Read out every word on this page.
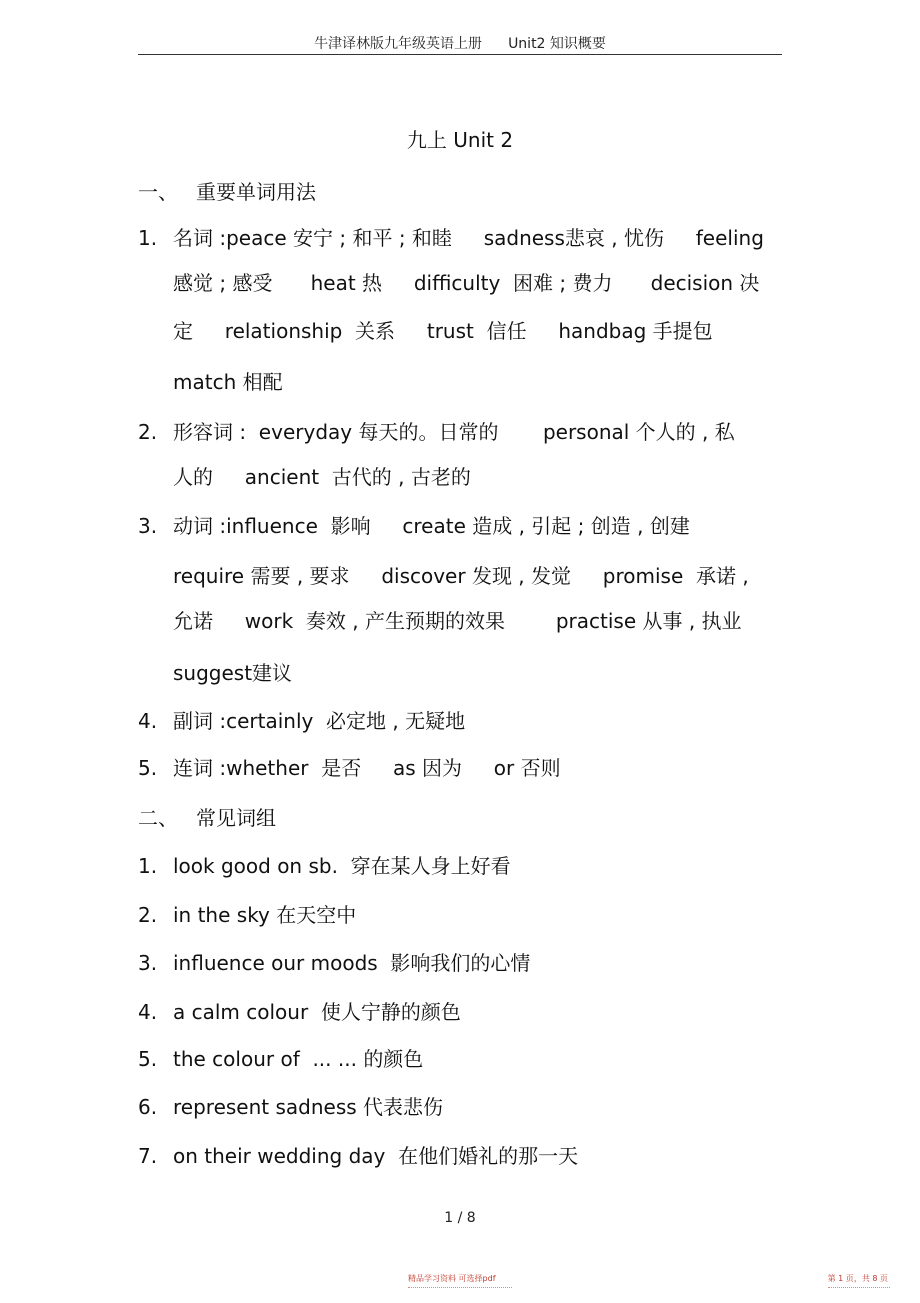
牛津译林版九年级英语上册 Unit2 知识概要
九上 Unit 2
一、 重要单词用法
1. 名词 :peace 安宁 ; 和平 ; 和睦     sadness悲哀 , 忧伤     feeling
感觉 ; 感受      heat 热     difficulty  困难 ; 费力      decision 决
定     relationship  关系     trust  信任     handbag 手提包
match 相配
2. 形容词 :  everyday 每天的。日常的       personal 个人的 , 私
人的     ancient  古代的 , 古老的
3. 动词 :influence  影响     create 造成 , 引起 ; 创造 , 创建
require 需要 , 要求     discover 发现 , 发觉     promise  承诺 ,
允诺     work  奏效 , 产生预期的效果        practise 从事 , 执业
suggest建议
4. 副词 :certainly  必定地 , 无疑地
5. 连词 :whether  是否     as 因为     or 否则
二、 常见词组
1. look good on sb.  穿在某人身上好看
2. in the sky 在天空中
3. influence our moods  影响我们的心情
4. a calm colour  使人宁静的颜色
5. the colour of  ... ... 的颜色
6. represent sadness 代表悲伤
7. on their wedding day  在他们婚礼的那一天
1 / 8
精品学习资料 可选择pdf	第 1 页，共 8 页
